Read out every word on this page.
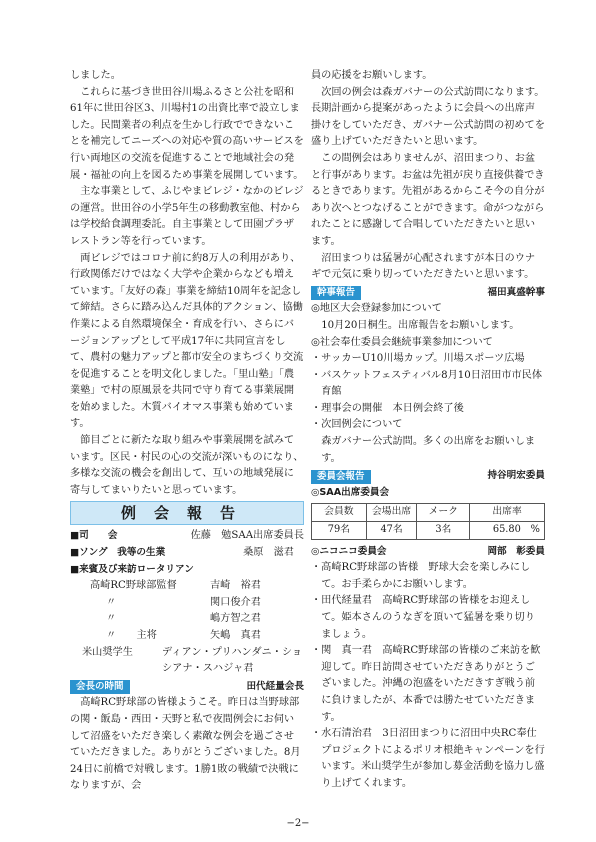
しました。

これらに基づき世田谷川場ふるさと公社を昭和61年に世田谷区3、川場村1の出資比率で設立しました。民間業者の利点を生かし行政でできないことを補完してニーズへの対応や質の高いサービスを行い両地区の交流を促進することで地域社会の発展・福祉の向上を図るため事業を展開しています。

主な事業として、ふじやまビレジ・なかのビレジの運営。世田谷の小学5年生の移動教室他、村からは学校給食調理委託。自主事業として田園プラザレストラン等を行っています。

両ビレジではコロナ前に約8万人の利用があり、行政関係だけではなく大学や企業からなども増えています。「友好の森」事業を締結10周年を記念して締結。さらに踏み込んだ具体的アクション、協働作業による自然環境保全・育成を行い、さらにバージョンアップとして平成17年に共同宣言をして、農村の魅力アップと都市安全のまちづくり交流を促進することを明文化しました。「里山塾」「農業塾」で村の原風景を共同で守り育てる事業展開を始めました。木質バイオマス事業も始めています。

節目ごとに新たな取り組みや事業展開を試みています。区民・村民の心の交流が深いものになり、多様な交流の機会を創出して、互いの地域発展に寄与してまいりたいと思っています。

例会報告
■司　　会	佐藤　勉SAA出席委員長
■ソング　我等の生業	桑原　滋君

■来賓及び来訪ロータリアン

高崎RC野球部監督	吉崎　裕君
〃	関口俊介君
〃	嶋方智之君
〃　　主将	矢嶋　真君
米山奨学生	ディアン・プリハンダニ・ショシアナ・スハジャ君
会長の時間	田代経量会長

高崎RC野球部の皆様ようこそ。昨日は当野球部の関・飯島・西田・天野と私で夜間例会にお伺いして沼盛をいただき楽しく素敵な例会を過ごさせていただきました。ありがとうございました。8月24日に前橋で対戦します。1勝1敗の戦績で決戦になりますが、会

員の応援をお願いします。

次回の例会は森ガバナーの公式訪問になります。長期計画から提案があったように会員への出席声掛けをしていただき、ガバナー公式訪問の初めてを盛り上げていただきたいと思います。

この間例会はありませんが、沼田まつり、お盆と行事があります。お盆は先祖が戻り直接供養できるときであります。先祖があるからこそ今の自分があり次へとつなげることができます。命がつながられたことに感謝して合唱していただきたいと思います。

沼田まつりは猛暑が心配されますが本日のウナギで元気に乗り切っていただきたいと思います。

幹事報告	福田真盛幹事

◎地区大会登録参加について

10月20日桐生。出席報告をお願いします。

◎社会奉仕委員会継続事業参加について

・サッカーU10川場カップ。川場スポーツ広場

・バスケットフェスティバル8月10日沼田市市民体育館

・理事会の開催　本日例会終了後

・次回例会について

森ガバナー公式訪問。多くの出席をお願いします。

委員会報告	持谷明宏委員

◎SAA出席委員会

会員数	会場出席	メーク	出席率
79名	47名	3名	65.80　%
◎ニコニコ委員会	岡部　彰委員

・高崎RC野球部の皆様　野球大会を楽しみにして。お手柔らかにお願いします。

・田代経量君　高崎RC野球部の皆様をお迎えして。姫本さんのうなぎを頂いて猛暑を乗り切りましょう。

・関　真一君　高崎RC野球部の皆様のご来訪を歓迎して。昨日訪問させていただきありがとうございました。沖縄の泡盛をいただきすぎ戦う前に負けましたが、本番では勝たせていただきます。

・水石清治君　3日沼田まつりに沼田中央RC奉仕プロジェクトによるポリオ根絶キャンペーンを行います。米山奨学生が参加し募金活動を協力し盛り上げてくれます。

−2−
